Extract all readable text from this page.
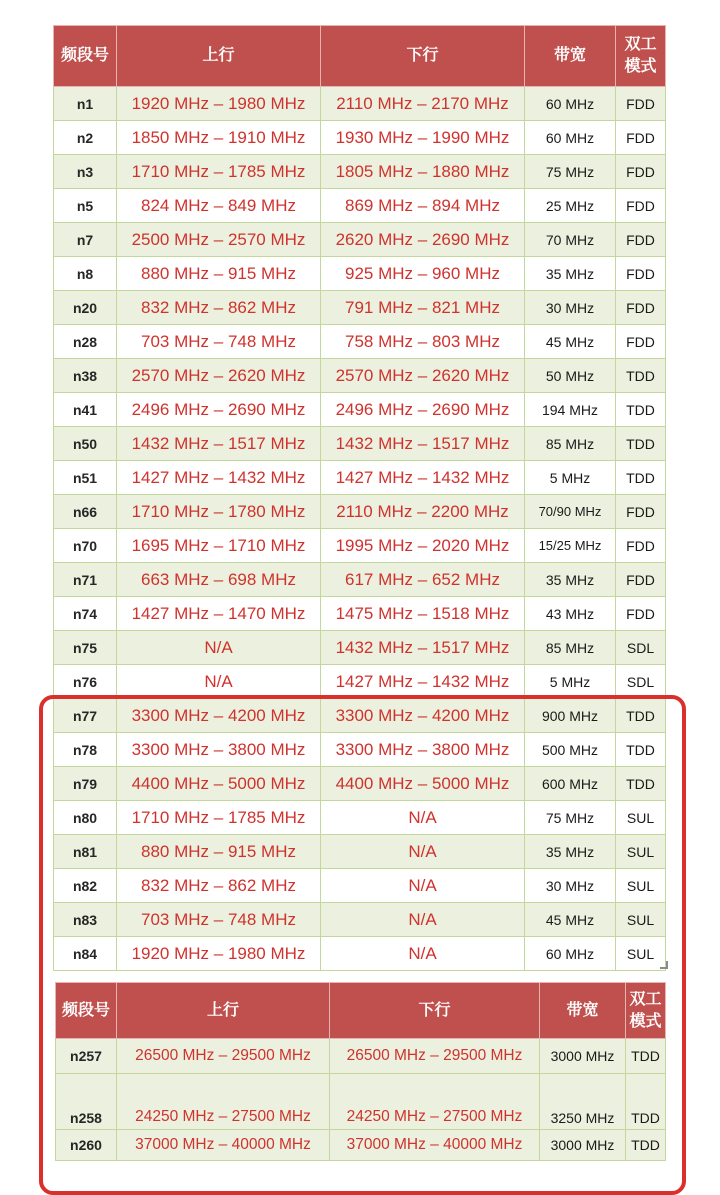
频段号	上行	下行	带宽	双工
模式
n1	1920 MHz – 1980 MHz	2110 MHz – 2170 MHz	60 MHz	FDD
n2	1850 MHz – 1910 MHz	1930 MHz – 1990 MHz	60 MHz	FDD
n3	1710 MHz – 1785 MHz	1805 MHz – 1880 MHz	75 MHz	FDD
n5	824 MHz – 849 MHz	869 MHz – 894 MHz	25 MHz	FDD
n7	2500 MHz – 2570 MHz	2620 MHz – 2690 MHz	70 MHz	FDD
n8	880 MHz – 915 MHz	925 MHz – 960 MHz	35 MHz	FDD
n20	832 MHz – 862 MHz	791 MHz – 821 MHz	30 MHz	FDD
n28	703 MHz – 748 MHz	758 MHz – 803 MHz	45 MHz	FDD
n38	2570 MHz – 2620 MHz	2570 MHz – 2620 MHz	50 MHz	TDD
n41	2496 MHz – 2690 MHz	2496 MHz – 2690 MHz	194 MHz	TDD
n50	1432 MHz – 1517 MHz	1432 MHz – 1517 MHz	85 MHz	TDD
n51	1427 MHz – 1432 MHz	1427 MHz – 1432 MHz	5 MHz	TDD
n66	1710 MHz – 1780 MHz	2110 MHz – 2200 MHz	70/90 MHz	FDD
n70	1695 MHz – 1710 MHz	1995 MHz – 2020 MHz	15/25 MHz	FDD
n71	663 MHz – 698 MHz	617 MHz – 652 MHz	35 MHz	FDD
n74	1427 MHz – 1470 MHz	1475 MHz – 1518 MHz	43 MHz	FDD
n75	N/A	1432 MHz – 1517 MHz	85 MHz	SDL
n76	N/A	1427 MHz – 1432 MHz	5 MHz	SDL
n77	3300 MHz – 4200 MHz	3300 MHz – 4200 MHz	900 MHz	TDD
n78	3300 MHz – 3800 MHz	3300 MHz – 3800 MHz	500 MHz	TDD
n79	4400 MHz – 5000 MHz	4400 MHz – 5000 MHz	600 MHz	TDD
n80	1710 MHz – 1785 MHz	N/A	75 MHz	SUL
n81	880 MHz – 915 MHz	N/A	35 MHz	SUL
n82	832 MHz – 862 MHz	N/A	30 MHz	SUL
n83	703 MHz – 748 MHz	N/A	45 MHz	SUL
n84	1920 MHz – 1980 MHz	N/A	60 MHz	SUL
频段号	上行	下行	带宽	双工
模式
n257	26500 MHz – 29500 MHz	26500 MHz – 29500 MHz	3000 MHz	TDD
n258	24250 MHz – 27500 MHz	24250 MHz – 27500 MHz	3250 MHz	TDD
n260	37000 MHz – 40000 MHz	37000 MHz – 40000 MHz	3000 MHz	TDD
